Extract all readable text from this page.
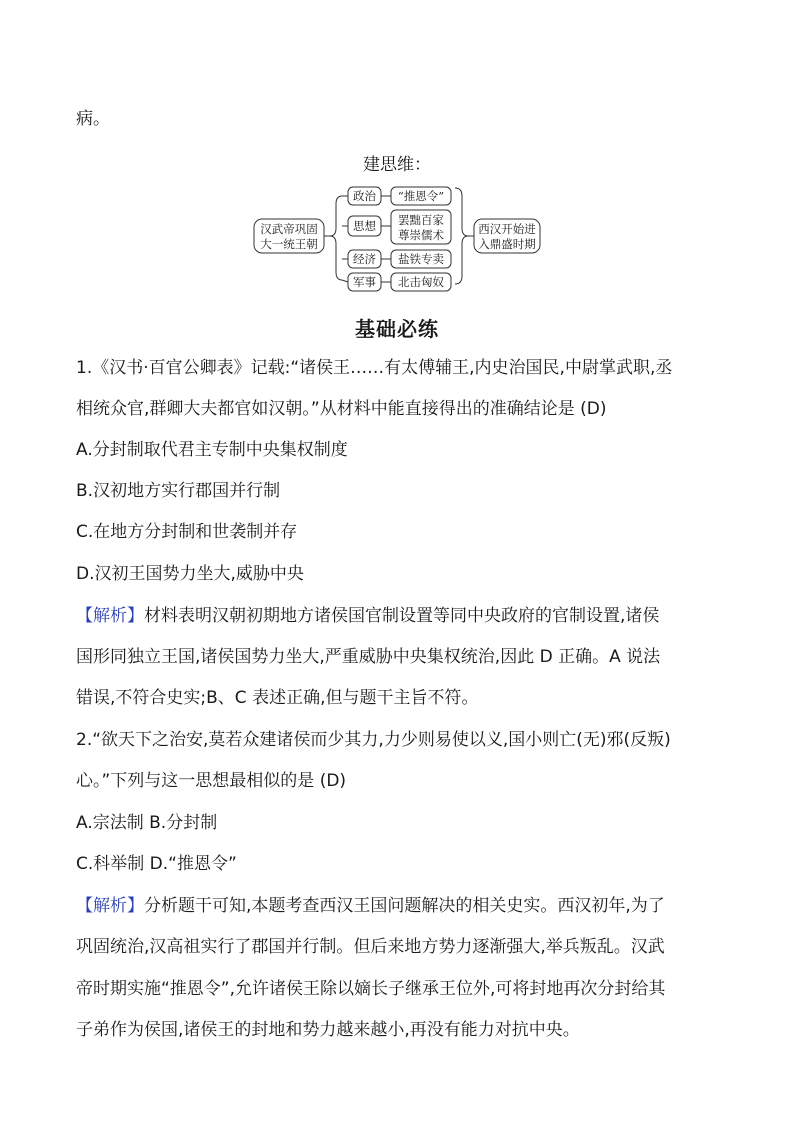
病。
建思维：
汉武帝巩固
大一统王朝
政治
思想
经济
军事
“推恩令”
罢黜百家
尊崇儒术
盐铁专卖
北击匈奴
西汉开始进
入鼎盛时期
基础必练
1.《汉书·百官公卿表》记载:“诸侯王……有太傅辅王,内史治国民,中尉掌武职,丞
相统众官,群卿大夫都官如汉朝。”从材料中能直接得出的准确结论是 (D)
A.分封制取代君主专制中央集权制度
B.汉初地方实行郡国并行制
C.在地方分封制和世袭制并存
D.汉初王国势力坐大,威胁中央
【解析】材料表明汉朝初期地方诸侯国官制设置等同中央政府的官制设置,诸侯
国形同独立王国,诸侯国势力坐大,严重威胁中央集权统治,因此 D 正确。A 说法
错误,不符合史实;B、C 表述正确,但与题干主旨不符。
2.“欲天下之治安,莫若众建诸侯而少其力,力少则易使以义,国小则亡(无)邪(反叛)
心。”下列与这一思想最相似的是 (D)
A.宗法制 B.分封制
C.科举制 D.“推恩令”
【解析】分析题干可知,本题考查西汉王国问题解决的相关史实。西汉初年,为了
巩固统治,汉高祖实行了郡国并行制。但后来地方势力逐渐强大,举兵叛乱。汉武
帝时期实施“推恩令”,允许诸侯王除以嫡长子继承王位外,可将封地再次分封给其
子弟作为侯国,诸侯王的封地和势力越来越小,再没有能力对抗中央。
